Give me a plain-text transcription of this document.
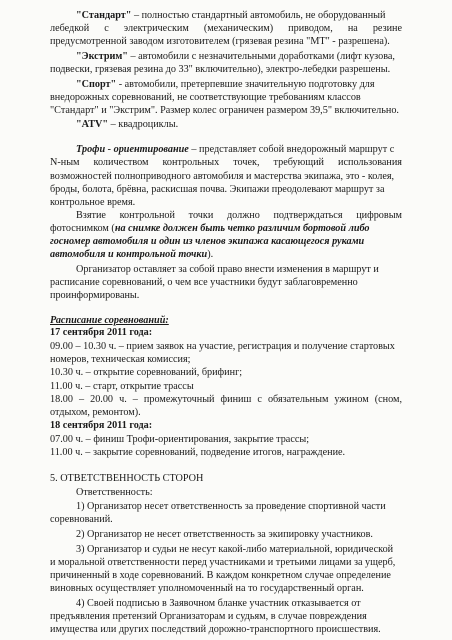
"Стандарт" – полностью стандартный автомобиль, не оборудованный
лебедкой с электрическим (механическим) приводом, на резине
предусмотренной заводом изготовителем (грязевая резина "МТ" - разрешена).
"Экстрим" – автомобили с незначительными доработками (лифт кузова,
подвески, грязевая резина до 33" включительно), электро-лебедки разрешены.
"Спорт" - автомобили, претерпевшие значительную подготовку для
внедорожных соревнований, не соответствующие требованиям классов
"Стандарт" и "Экстрим". Размер колес ограничен размером 39,5" включительно.
"ATV" – квадроциклы.
Трофи - ориентирование – представляет собой внедорожный маршрут с
N-ным количеством контрольных точек, требующий использования
возможностей полноприводного автомобиля и мастерства экипажа, это - колея,
броды, болота, брёвна, раскисшая почва. Экипажи преодолевают маршрут за
контрольное время.
Взятие контрольной точки должно подтверждаться цифровым
фотоснимком (на снимке должен быть четко различим бортовой либо
госномер автомобиля и один из членов экипажа касающегося руками
автомобиля и контрольной точки).
Организатор оставляет за собой право внести изменения в маршрут и
расписание соревнований, о чем все участники будут заблаговременно
проинформированы.
Расписание соревнований:
17 сентября 2011 года:
09.00 – 10.30 ч. – прием заявок на участие, регистрация и получение стартовых
номеров, техническая комиссия;
10.30 ч. – открытие соревнований, брифинг;
11.00 ч. – старт, открытие трассы
18.00 – 20.00 ч. – промежуточный финиш с обязательным ужином (сном,
отдыхом, ремонтом).
18 сентября 2011 года:
07.00 ч. – финиш Трофи-ориентирования, закрытие трассы;
11.00 ч. – закрытие соревнований, подведение итогов, награждение.
5. ОТВЕТСТВЕННОСТЬ СТОРОН
Ответственность:
1) Организатор несет ответственность за проведение спортивной части
соревнований.
2) Организатор не несет ответственность за экипировку участников.
3) Организатор и судьи не несут какой-либо материальной, юридической
и моральной ответственности перед участниками и третьими лицами за ущерб,
причиненный в ходе соревнований. В каждом конкретном случае определение
виновных осуществляет уполномоченный на то государственный орган.
4) Своей подписью в Заявочном бланке участник отказывается от
предъявления претензий Организаторам и судьям, в случае повреждения
имущества или других последствий дорожно-транспортного происшествия.
